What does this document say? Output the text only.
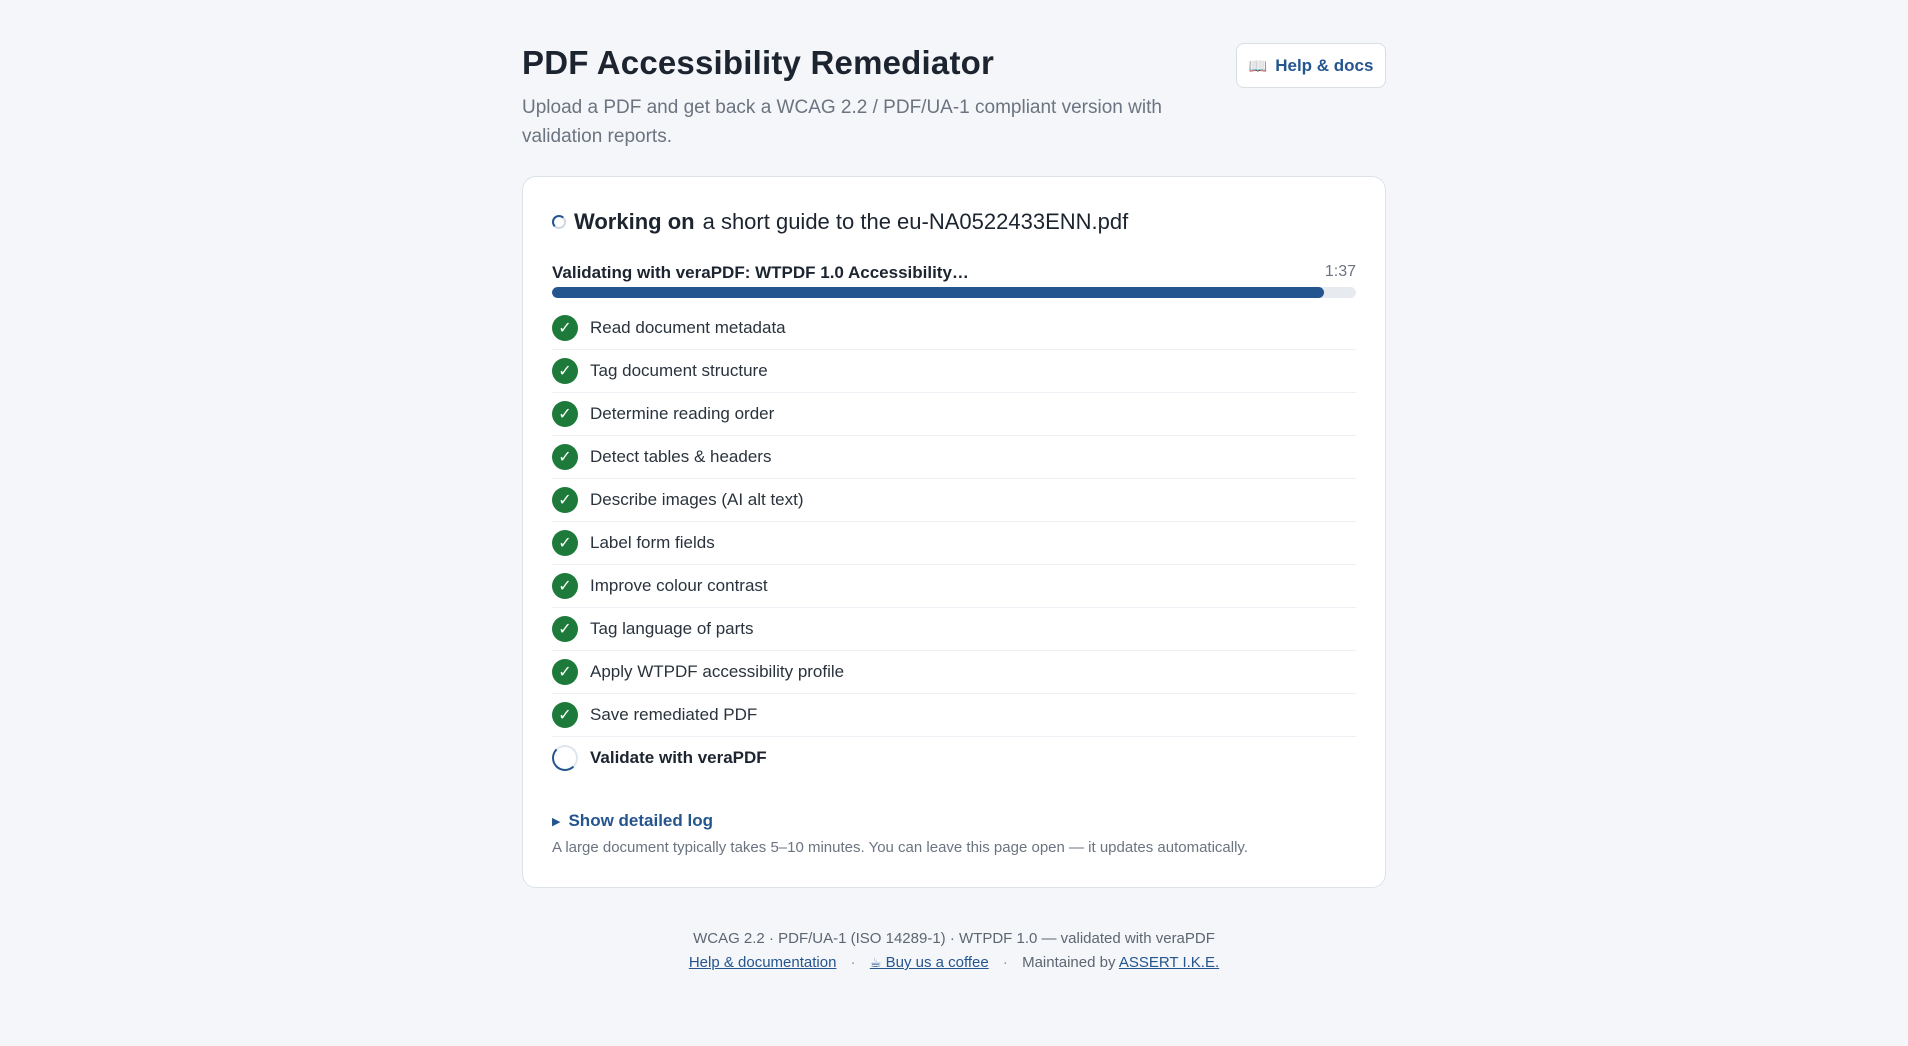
PDF Accessibility Remediator

Upload a PDF and get back a WCAG 2.2 / PDF/UA-1 compliant version with validation reports.

📖 Help & docs
Working on a short guide to the eu-NA0522433ENN.pdf
Validating with veraPDF: WTPDF 1.0 Accessibility…	1:37
✓	Read document metadata
✓	Tag document structure
✓	Determine reading order
✓	Detect tables & headers
✓	Describe images (AI alt text)
✓	Label form fields
✓	Improve colour contrast
✓	Tag language of parts
✓	Apply WTPDF accessibility profile
✓	Save remediated PDF
Validate with veraPDF
▶ Show detailed log
A large document typically takes 5–10 minutes. You can leave this page open — it updates automatically.
WCAG 2.2 · PDF/UA-1 (ISO 14289-1) · WTPDF 1.0 — validated with veraPDF
Help & documentation · ☕ Buy us a coffee · Maintained by ASSERT I.K.E.
